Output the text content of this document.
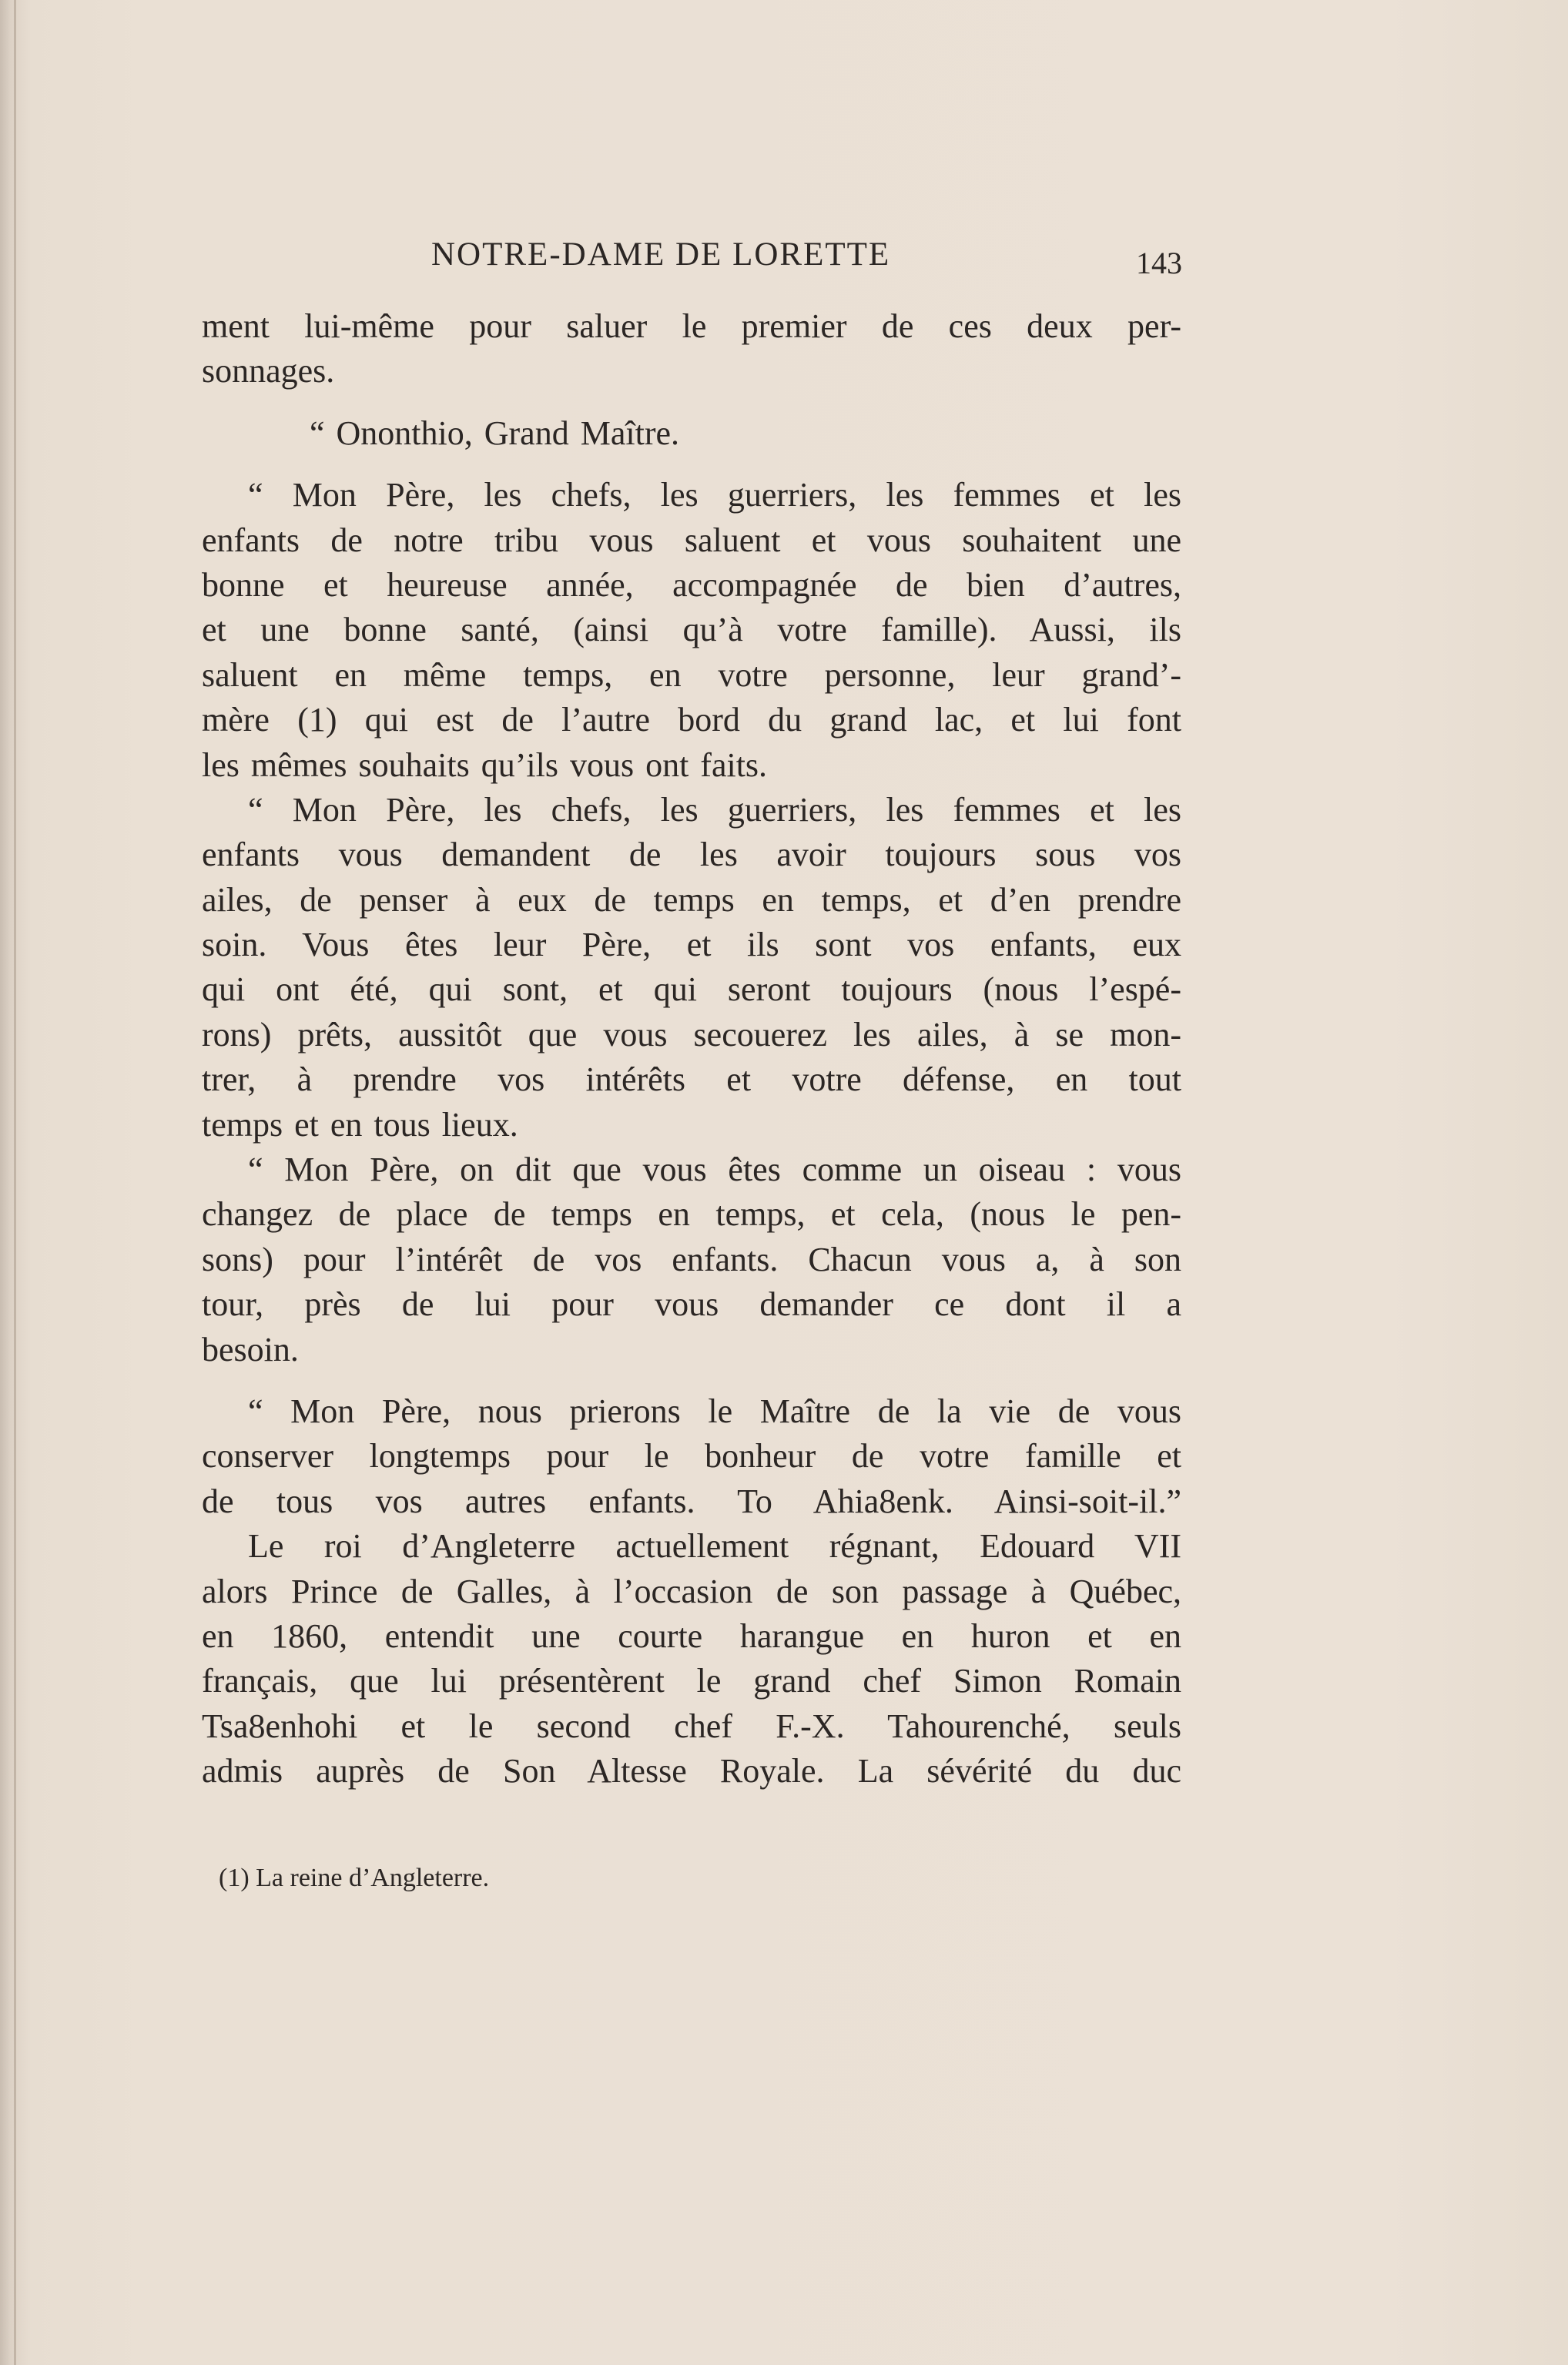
NOTRE-DAME DE LORETTE	143
ment lui-même pour saluer le premier de ces deux per-
sonnages.
“ Ononthio, Grand Maître.
“ Mon Père, les chefs, les guerriers, les femmes et les
enfants de notre tribu vous saluent et vous souhaitent une
bonne et heureuse année, accompagnée de bien d’autres,
et une bonne santé, (ainsi qu’à votre famille). Aussi, ils
saluent en même temps, en votre personne, leur grand’-
mère (1) qui est de l’autre bord du grand lac, et lui font
les mêmes souhaits qu’ils vous ont faits.
“ Mon Père, les chefs, les guerriers, les femmes et les
enfants vous demandent de les avoir toujours sous vos
ailes, de penser à eux de temps en temps, et d’en prendre
soin. Vous êtes leur Père, et ils sont vos enfants, eux
qui ont été, qui sont, et qui seront toujours (nous l’espé-
rons) prêts, aussitôt que vous secouerez les ailes, à se mon-
trer, à prendre vos intérêts et votre défense, en tout
temps et en tous lieux.
“ Mon Père, on dit que vous êtes comme un oiseau : vous
changez de place de temps en temps, et cela, (nous le pen-
sons) pour l’intérêt de vos enfants. Chacun vous a, à son
tour, près de lui pour vous demander ce dont il a
besoin.
“ Mon Père, nous prierons le Maître de la vie de vous
conserver longtemps pour le bonheur de votre famille et
de tous vos autres enfants. To Ahia8enk. Ainsi-soit-il.”
Le roi d’Angleterre actuellement régnant, Edouard VII
alors Prince de Galles, à l’occasion de son passage à Québec,
en 1860, entendit une courte harangue en huron et en
français, que lui présentèrent le grand chef Simon Romain
Tsa8enhohi et le second chef F.-X. Tahourenché, seuls
admis auprès de Son Altesse Royale. La sévérité du duc
(1) La reine d’Angleterre.
